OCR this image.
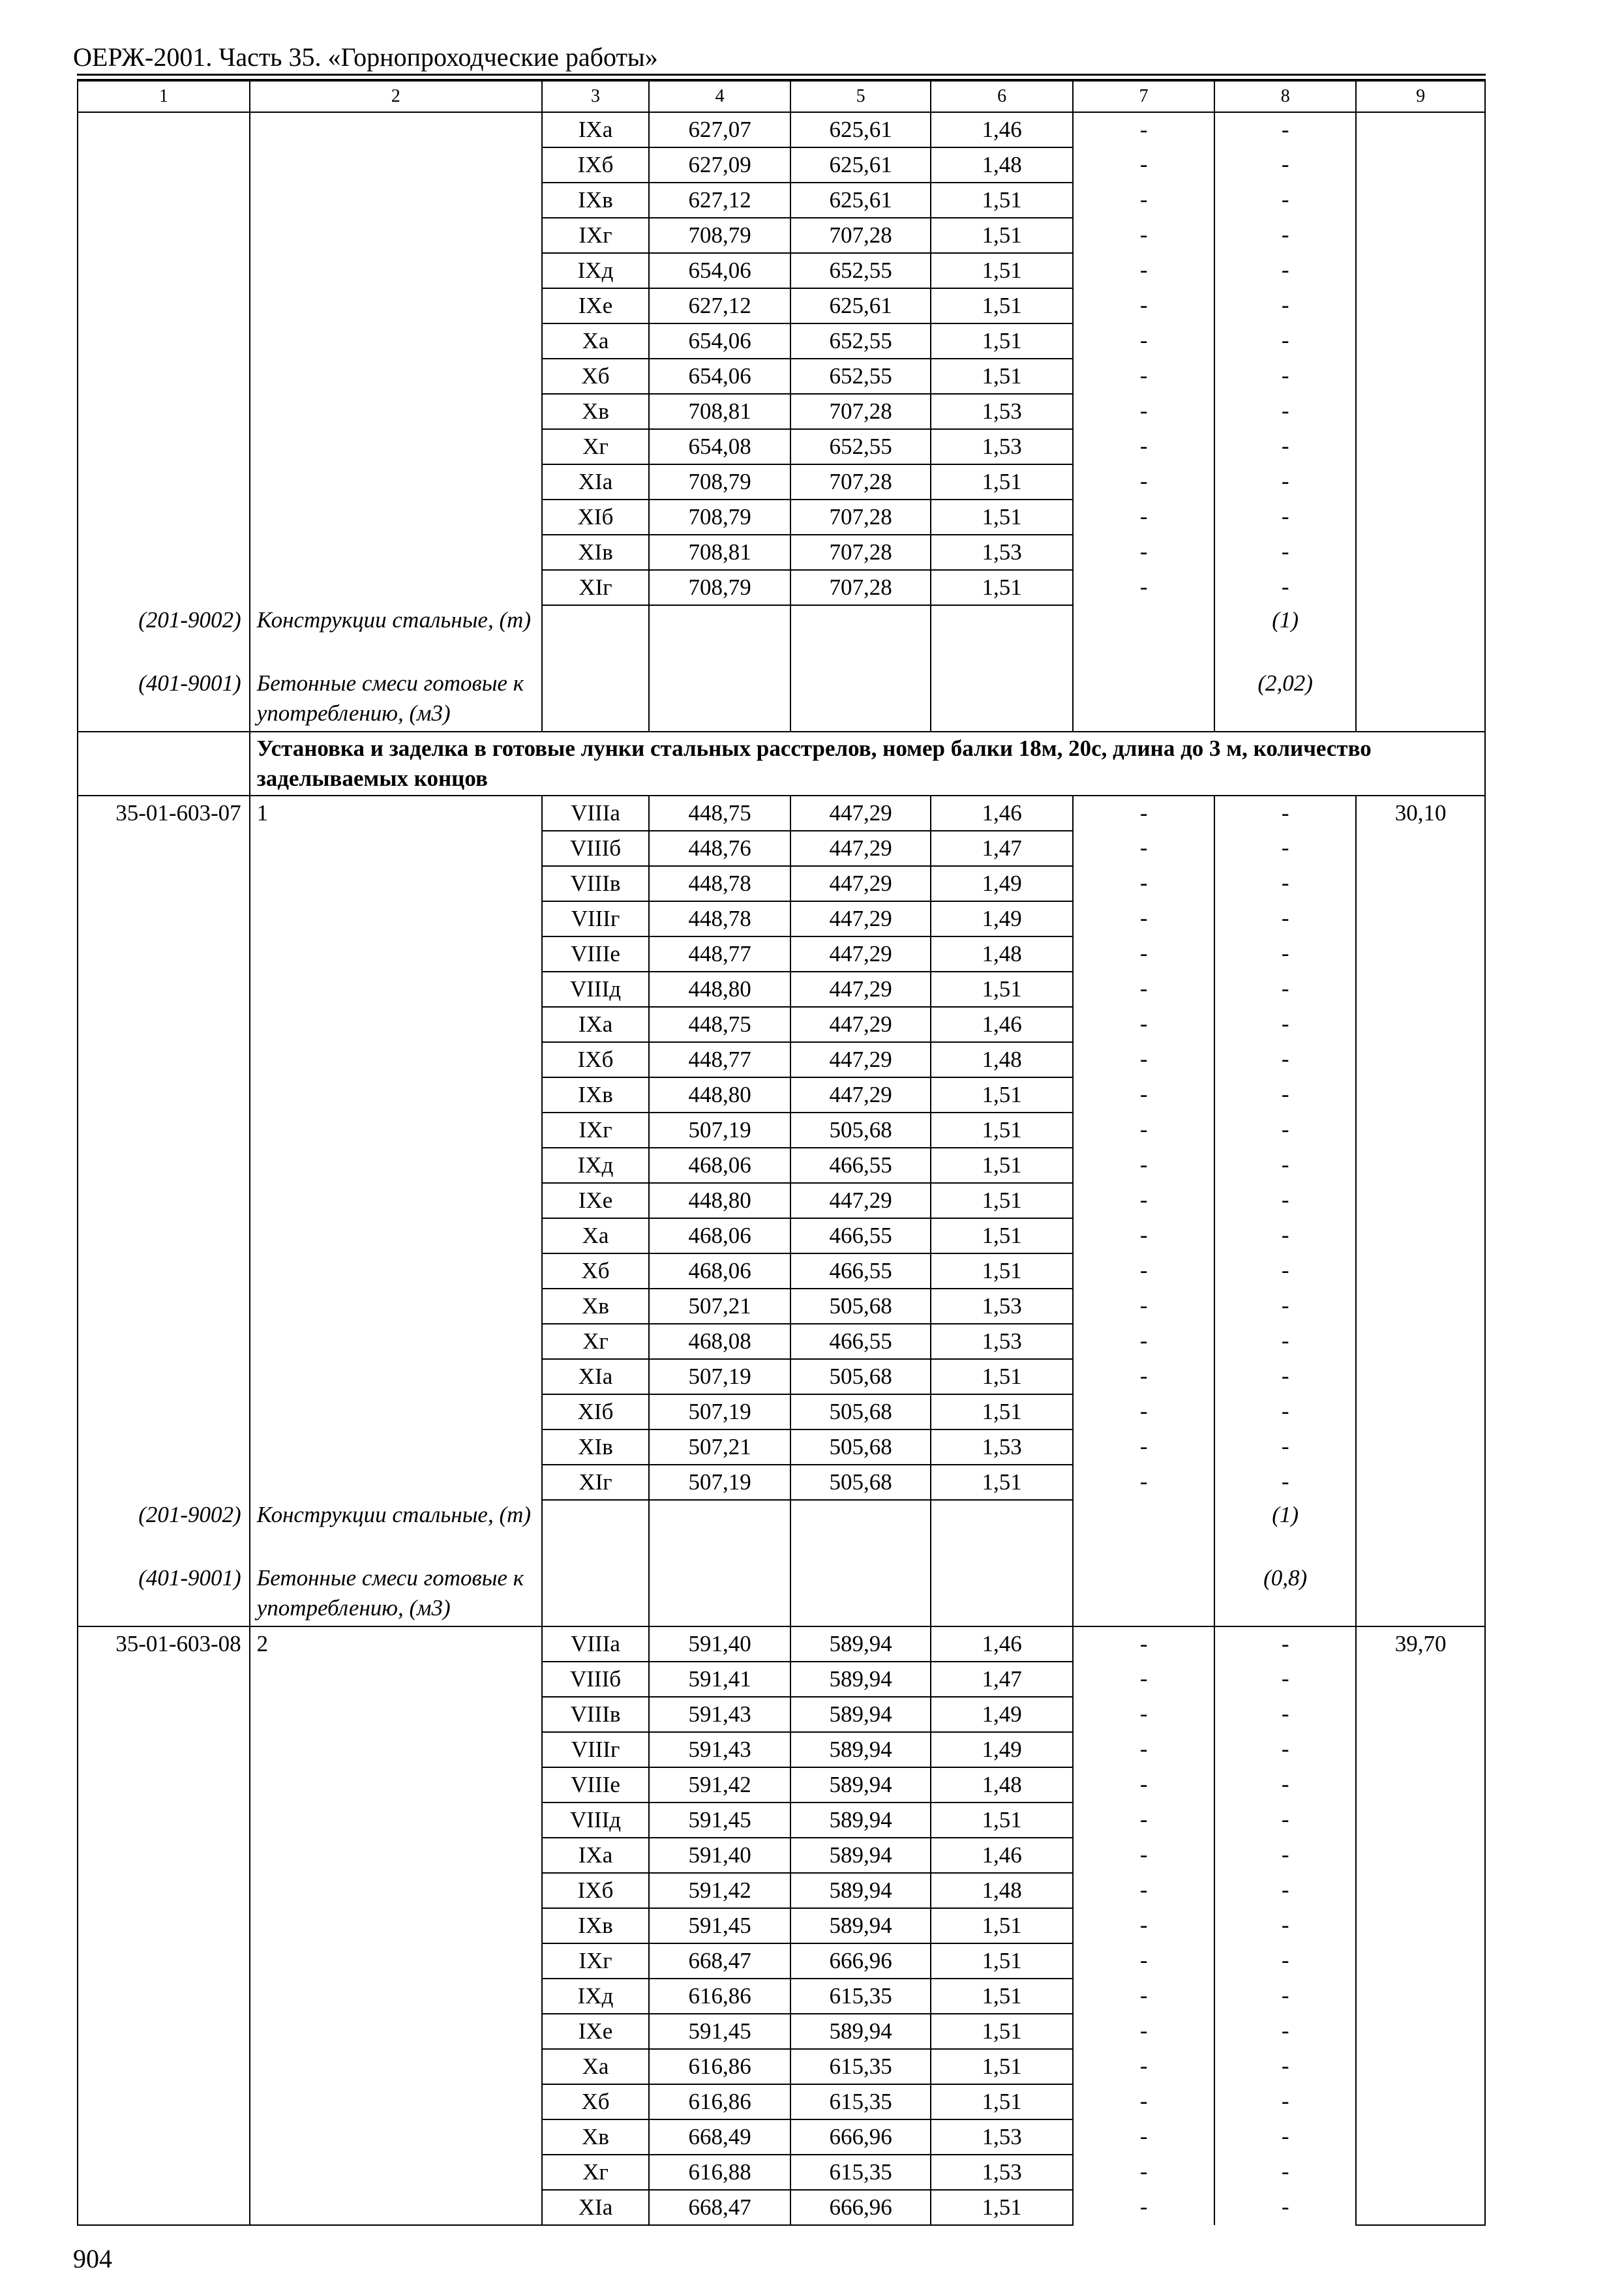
ОЕРЖ-2001. Часть 35. «Горнопроходческие работы»
1	2	3	4	5	6	7	8	9
		IXа	627,07	625,61	1,46	-	-	
		IXб	627,09	625,61	1,48	-	-	
		IXв	627,12	625,61	1,51	-	-	
		IXг	708,79	707,28	1,51	-	-	
		IXд	654,06	652,55	1,51	-	-	
		IXе	627,12	625,61	1,51	-	-	
		Xа	654,06	652,55	1,51	-	-	
		Xб	654,06	652,55	1,51	-	-	
		Xв	708,81	707,28	1,53	-	-	
		Xг	654,08	652,55	1,53	-	-	
		XIа	708,79	707,28	1,51	-	-	
		XIб	708,79	707,28	1,51	-	-	
		XIв	708,81	707,28	1,53	-	-	
		XIг	708,79	707,28	1,51	-	-	
(201-9002)	Конструкции стальные, (т)						(1)	
(401-9001)	Бетонные смеси готовые к употреблению, (м3)						(2,02)	
	Установка и заделка в готовые лунки стальных расстрелов, номер балки 18м, 20с, длина до 3 м, количество заделываемых концов							
35-01-603-07	1	VIIIа	448,75	447,29	1,46	-	-	30,10
		VIIIб	448,76	447,29	1,47	-	-	
		VIIIв	448,78	447,29	1,49	-	-	
		VIIIг	448,78	447,29	1,49	-	-	
		VIIIе	448,77	447,29	1,48	-	-	
		VIIIд	448,80	447,29	1,51	-	-	
		IXа	448,75	447,29	1,46	-	-	
		IXб	448,77	447,29	1,48	-	-	
		IXв	448,80	447,29	1,51	-	-	
		IXг	507,19	505,68	1,51	-	-	
		IXд	468,06	466,55	1,51	-	-	
		IXе	448,80	447,29	1,51	-	-	
		Xа	468,06	466,55	1,51	-	-	
		Xб	468,06	466,55	1,51	-	-	
		Xв	507,21	505,68	1,53	-	-	
		Xг	468,08	466,55	1,53	-	-	
		XIа	507,19	505,68	1,51	-	-	
		XIб	507,19	505,68	1,51	-	-	
		XIв	507,21	505,68	1,53	-	-	
		XIг	507,19	505,68	1,51	-	-	
(201-9002)	Конструкции стальные, (т)						(1)	
(401-9001)	Бетонные смеси готовые к употреблению, (м3)						(0,8)	
35-01-603-08	2	VIIIа	591,40	589,94	1,46	-	-	39,70
		VIIIб	591,41	589,94	1,47	-	-	
		VIIIв	591,43	589,94	1,49	-	-	
		VIIIг	591,43	589,94	1,49	-	-	
		VIIIе	591,42	589,94	1,48	-	-	
		VIIIд	591,45	589,94	1,51	-	-	
		IXа	591,40	589,94	1,46	-	-	
		IXб	591,42	589,94	1,48	-	-	
		IXв	591,45	589,94	1,51	-	-	
		IXг	668,47	666,96	1,51	-	-	
		IXд	616,86	615,35	1,51	-	-	
		IXе	591,45	589,94	1,51	-	-	
		Xа	616,86	615,35	1,51	-	-	
		Xб	616,86	615,35	1,51	-	-	
		Xв	668,49	666,96	1,53	-	-	
		Xг	616,88	615,35	1,53	-	-	
		XIа	668,47	666,96	1,51	-	-	
904
